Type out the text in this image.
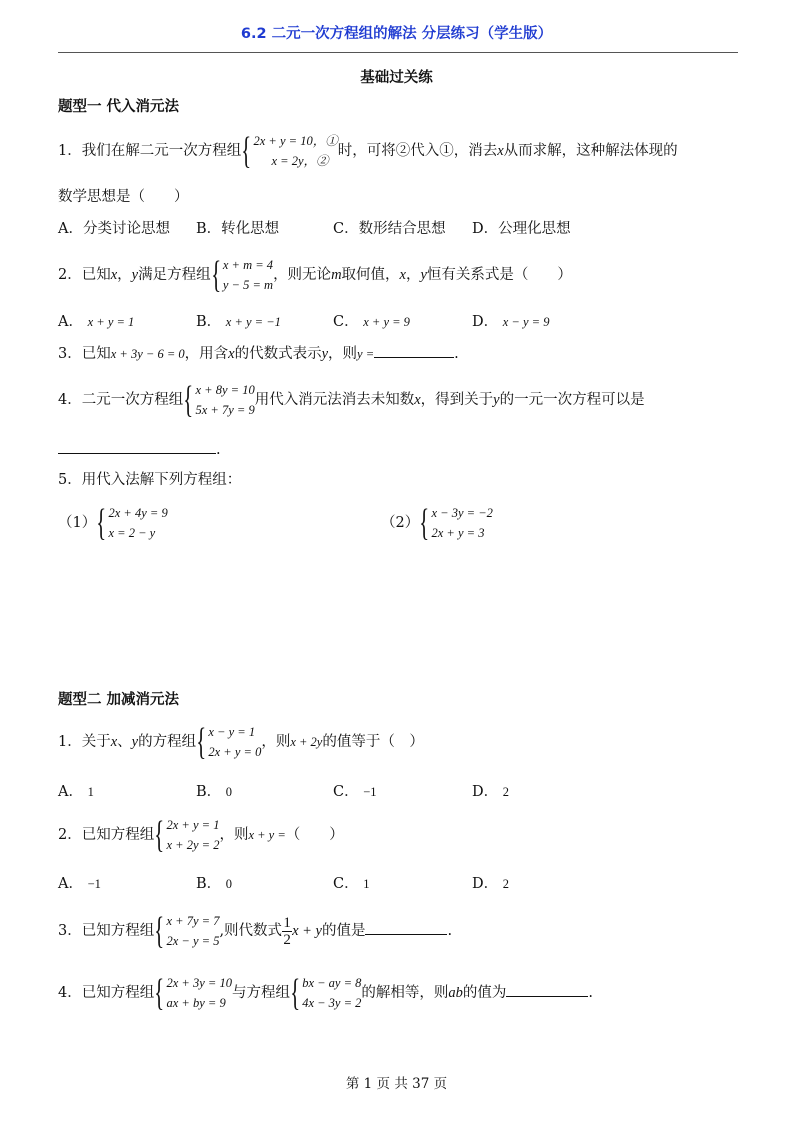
6.2 二元一次方程组的解法 分层练习（学生版）
基础过关练
题型一 代入消元法
1．我们在解二元一次方程组 { 2x + y = 10，①
x = 2y，②
时，可将②代入①，消去x从而求解，这种解法体现的
数学思想是（　　）
A．分类讨论思想 B．转化思想	C．数形结合思想 D．公理化思想
2．已知x，y满足方程组 { x + m = 4
y − 5 = m
，则无论m取何值，x，y恒有关系式是（　　）
A． x + y = 1	B． x + y = −1	C． x + y = 9	D． x − y = 9
3．已知x + 3y − 6 = 0，用含x的代数式表示y，则y =	.
4．二元一次方程组 { x + 8y = 10
5x + 7y = 9
用代入消元法消去未知数x，得到关于y的一元一次方程可以是
.
5．用代入法解下列方程组：
（1） { 2x + 4y = 9
x = 2 − y
（2） { x − 3y = −2
2x + y = 3
题型二 加减消元法
1．关于x、y的方程组 { x − y = 1
2x + y = 0
，则x + 2y的值等于（　）
A． 1	B． 0	C． −1	D． 2
2．已知方程组 { 2x + y = 1
x + 2y = 2
，则x + y =（　　）
A． −1	B． 0	C． 1	D． 2
3．已知方程组 { x + 7y = 7
2x − y = 5
,则代数式 $\frac{1}{2}$ x + y的值是	.
4．已知方程组 { 2x + 3y = 10
ax + by = 9
与方程组 { bx − ay = 8
4x − 3y = 2
的解相等，则ab的值为	.
第 1 页 共 37 页
